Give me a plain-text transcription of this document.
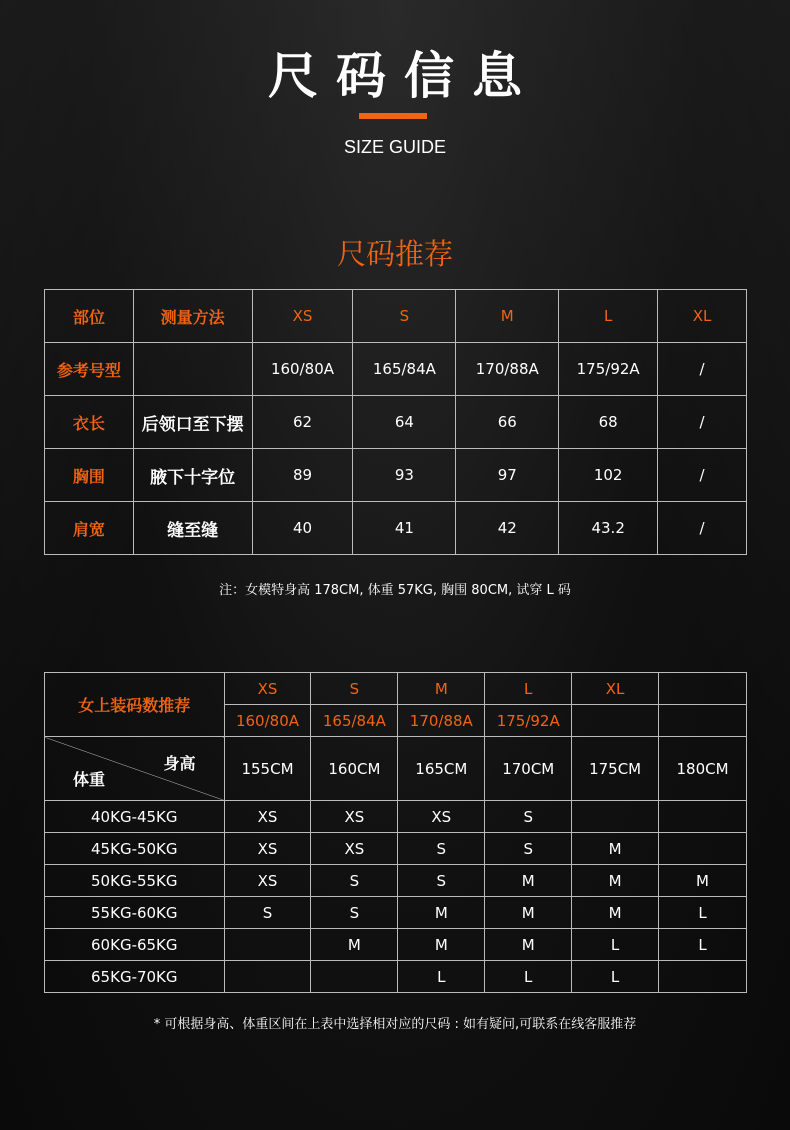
尺码信息
SIZE GUIDE
尺码推荐
部位	测量方法	XS	S	M	L	XL
参考号型		160/80A	165/84A	170/88A	175/92A	/
衣长	后领口至下摆	62	64	66	68	/
胸围	腋下十字位	89	93	97	102	/
肩宽	缝至缝	40	41	42	43.2	/
注：女模特身高 178CM, 体重 57KG, 胸围 80CM, 试穿 L 码
女上装码数推荐	XS	S	M	L	XL	
	160/80A	165/84A	170/88A	175/92A		

身高
体重	155CM	160CM	165CM	170CM	175CM	180CM
40KG-45KG	XS	XS	XS	S		
45KG-50KG	XS	XS	S	S	M	
50KG-55KG	XS	S	S	M	M	M
55KG-60KG	S	S	M	M	M	L
60KG-65KG		M	M	M	L	L
65KG-70KG			L	L	L	
* 可根据身高、体重区间在上表中选择相对应的尺码 : 如有疑问,可联系在线客服推荐
